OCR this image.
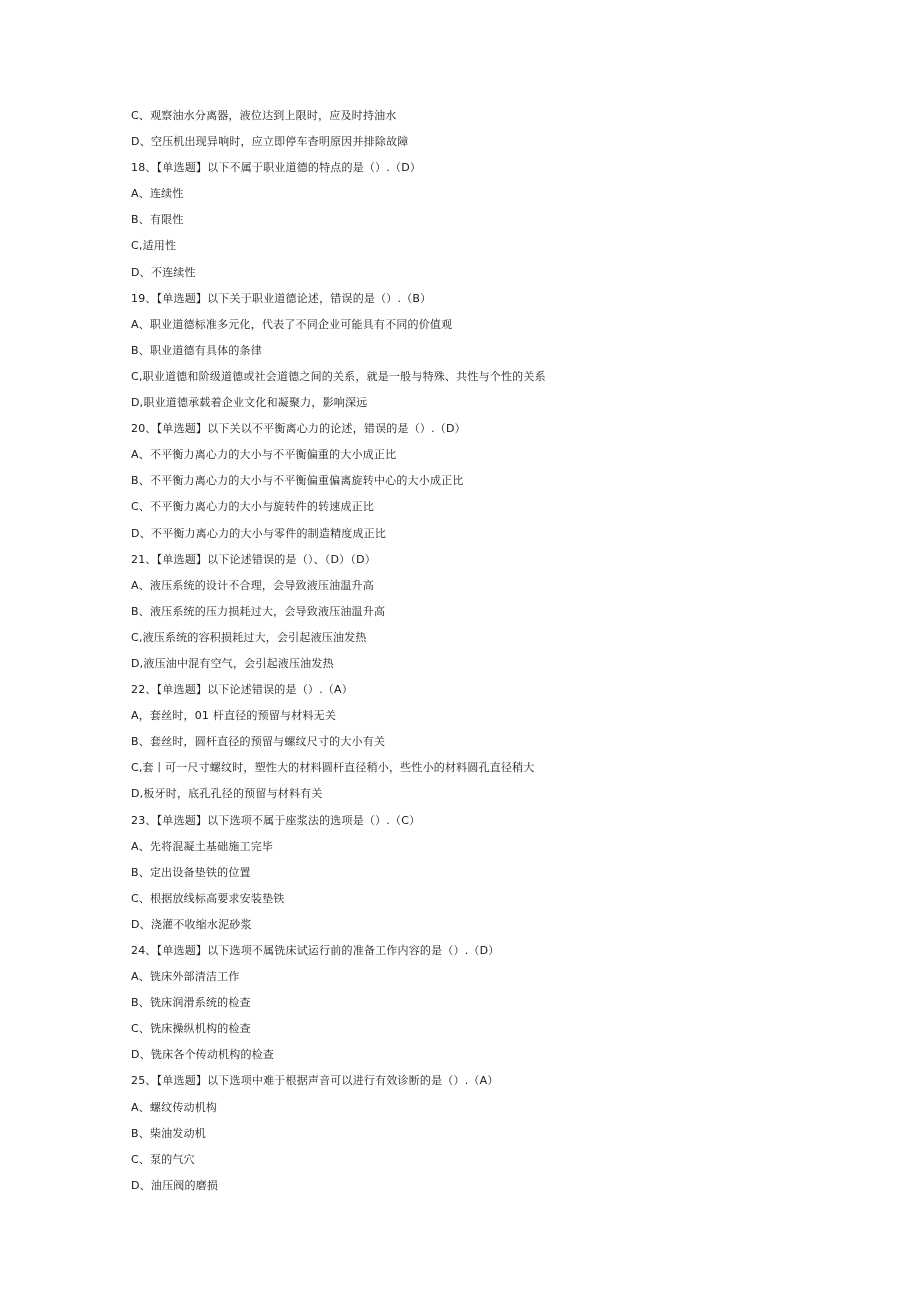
C、观察油水分离器，液位达到上限时，应及时持油水
D、空压机出现异响时，应立即停车杳明原因并排除故障
18、【单选题】以下不属于职业道德的特点的是（）.（D）
A、连续性
B、有限性
C,适用性
D、不连续性
19、【单选题】以下关于职业道德论述，错误的是（）.（B）
A、职业道德标准多元化，代表了不同企业可能具有不同的价值观
B、职业道德有具体的条律
C,职业道德和阶级道德或社会道德之间的关系，就是一般与特殊、共性与个性的关系
D,职业道德承载着企业文化和凝聚力，影响深远
20、【单选题】以下关以不平衡离心力的论述，错误的是（）.（D）
A、不平衡力离心力的大小与不平衡偏重的大小成正比
B、不平衡力离心力的大小与不平衡偏重偏离旋转中心的大小成正比
C、不平衡力离心力的大小与旋转件的转速成正比
D、不平衡力离心力的大小与零件的制造精度成正比
21、【单选题】以下论述错误的是（）、（D）（D）
A、液压系统的设计不合理，会导致液压油温升高
B、液压系统的压力损耗过大，会导致液压油温升高
C,液压系统的容积损耗过大，会引起液压油发热
D,液压油中混有空气，会引起液压油发热
22、【单选题】以下论述错误的是（）.（A）
A，套丝时，01 杆直径的预留与材料无关
B、套丝时，圆杆直径的预留与螺纹尺寸的大小有关
C,套丨可一尺寸螺纹时，塑性大的材料圆杆直径稍小，些性小的材料圆孔直径稍大
D,板牙时，底孔孔径的预留与材料有关
23、【单选题】以下选项不属于座浆法的选项是（）.（C）
A、先将混凝土基础施工完毕
B、定出设备垫铁的位置
C、根据放线标高要求安装垫铁
D、浇灌不收缩水泥砂浆
24、【单选题】以下选项不属铣床试运行前的准备工作内容的是（）.（D）
A、铣床外部清洁工作
B、铣床润滑系统的检查
C、铣床操纵机构的检查
D、铣床各个传动机构的检查
25、【单选题】以下选项中难于根据声音可以进行有效诊断的是（）.（A）
A、螺纹传动机构
B、柴油发动机
C、泵的气穴
D、油压阀的磨损
